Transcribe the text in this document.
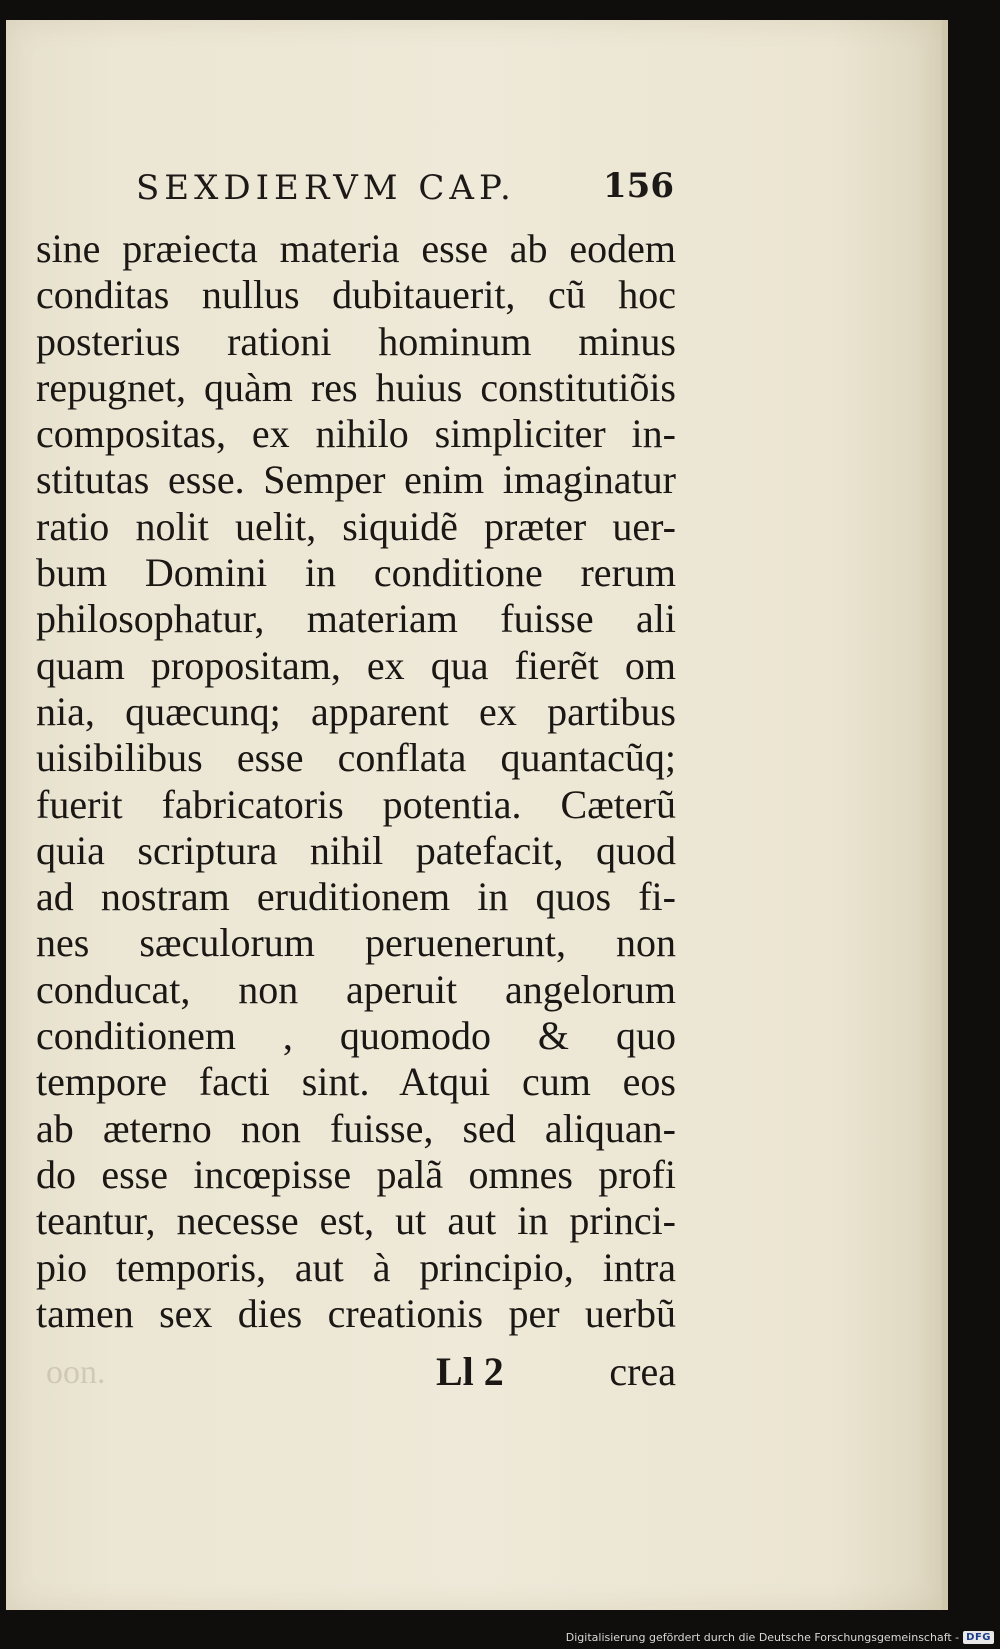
SEXDIERVM CAP.	156
sine præiecta materia esse ab eodem
conditas nullus dubitauerit, cũ hoc
posterius rationi hominum minus
repugnet, quàm res huius constitutiõis
compositas, ex nihilo simpliciter in-
stitutas esse. Semper enim imaginatur
ratio nolit uelit, siquidẽ præter uer-
bum Domini in conditione rerum
philosophatur, materiam fuisse ali
quam propositam, ex qua fierẽt om
nia, quæcunq; apparent ex partibus
uisibilibus esse conflata quantacũq;
fuerit fabricatoris potentia. Cæterũ
quia scriptura nihil patefacit, quod
ad nostram eruditionem in quos fi-
nes sæculorum peruenerunt, non
conducat, non aperuit angelorum
conditionem , quomodo & quo
tempore facti sint. Atqui cum eos
ab æterno non fuisse, sed aliquan-
do esse incœpisse palã omnes profi
teantur, necesse est, ut aut in princi-
pio temporis, aut à principio, intra
tamen sex dies creationis per uerbũ
oon.	Ll 2	crea
Digitalisierung gefördert durch die Deutsche Forschungsgemeinschaft - DFG
